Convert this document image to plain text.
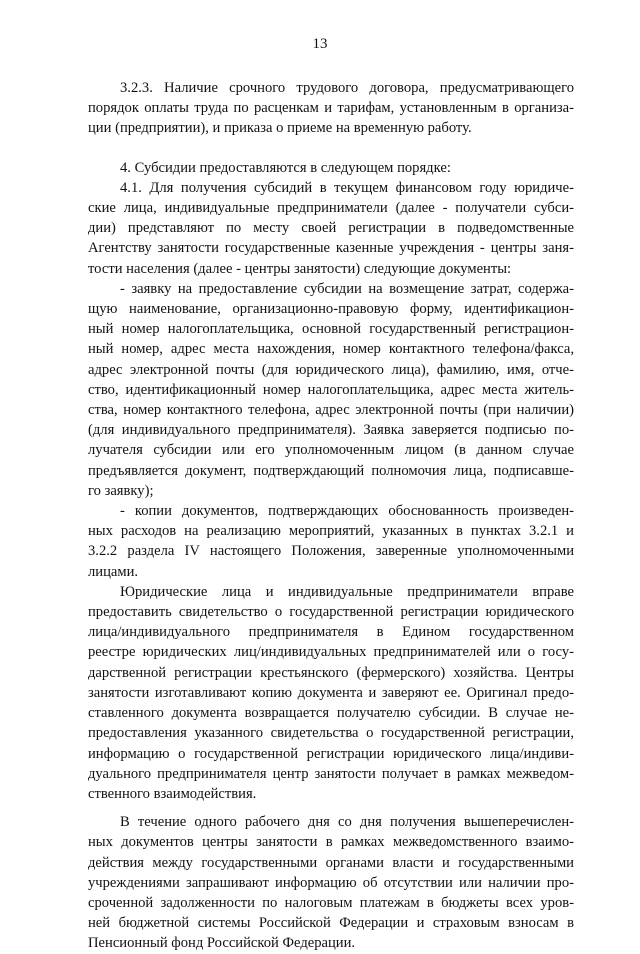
13

3.2.3. Наличие срочного трудового договора, предусматривающего
порядок оплаты труда по расценкам и тарифам, установленным в организа-
ции (предприятии), и приказа о приеме на временную работу.

4. Субсидии предоставляются в следующем порядке:

4.1. Для получения субсидий в текущем финансовом году юридиче-
ские лица, индивидуальные предприниматели (далее - получатели субси-
дии) представляют по месту своей регистрации в подведомственные
Агентству занятости государственные казенные учреждения - центры заня-
тости населения (далее - центры занятости) следующие документы:

- заявку на предоставление субсидии на возмещение затрат, содержа-
щую наименование, организационно-правовую форму, идентификацион-
ный номер налогоплательщика, основной государственный регистрацион-
ный номер, адрес места нахождения, номер контактного телефона/факса,
адрес электронной почты (для юридического лица), фамилию, имя, отче-
ство, идентификационный номер налогоплательщика, адрес места житель-
ства, номер контактного телефона, адрес электронной почты (при наличии)
(для индивидуального предпринимателя). Заявка заверяется подписью по-
лучателя субсидии или его уполномоченным лицом (в данном случае
предъявляется документ, подтверждающий полномочия лица, подписавше-
го заявку);

- копии документов, подтверждающих обоснованность произведен-
ных расходов на реализацию мероприятий, указанных в пунктах 3.2.1 и
3.2.2 раздела IV настоящего Положения, заверенные уполномоченными
лицами.

Юридические лица и индивидуальные предприниматели вправе
предоставить свидетельство о государственной регистрации юридического
лица/индивидуального предпринимателя в Едином государственном
реестре юридических лиц/индивидуальных предпринимателей или о госу-
дарственной регистрации крестьянского (фермерского) хозяйства. Центры
занятости изготавливают копию документа и заверяют ее. Оригинал предо-
ставленного документа возвращается получателю субсидии. В случае не-
предоставления указанного свидетельства о государственной регистрации,
информацию о государственной регистрации юридического лица/индиви-
дуального предпринимателя центр занятости получает в рамках межведом-
ственного взаимодействия.

В течение одного рабочего дня со дня получения вышеперечислен-
ных документов центры занятости в рамках межведомственного взаимо-
действия между государственными органами власти и государственными
учреждениями запрашивают информацию об отсутствии или наличии про-
сроченной задолженности по налоговым платежам в бюджеты всех уров-
ней бюджетной системы Российской Федерации и страховым взносам в
Пенсионный фонд Российской Федерации.
